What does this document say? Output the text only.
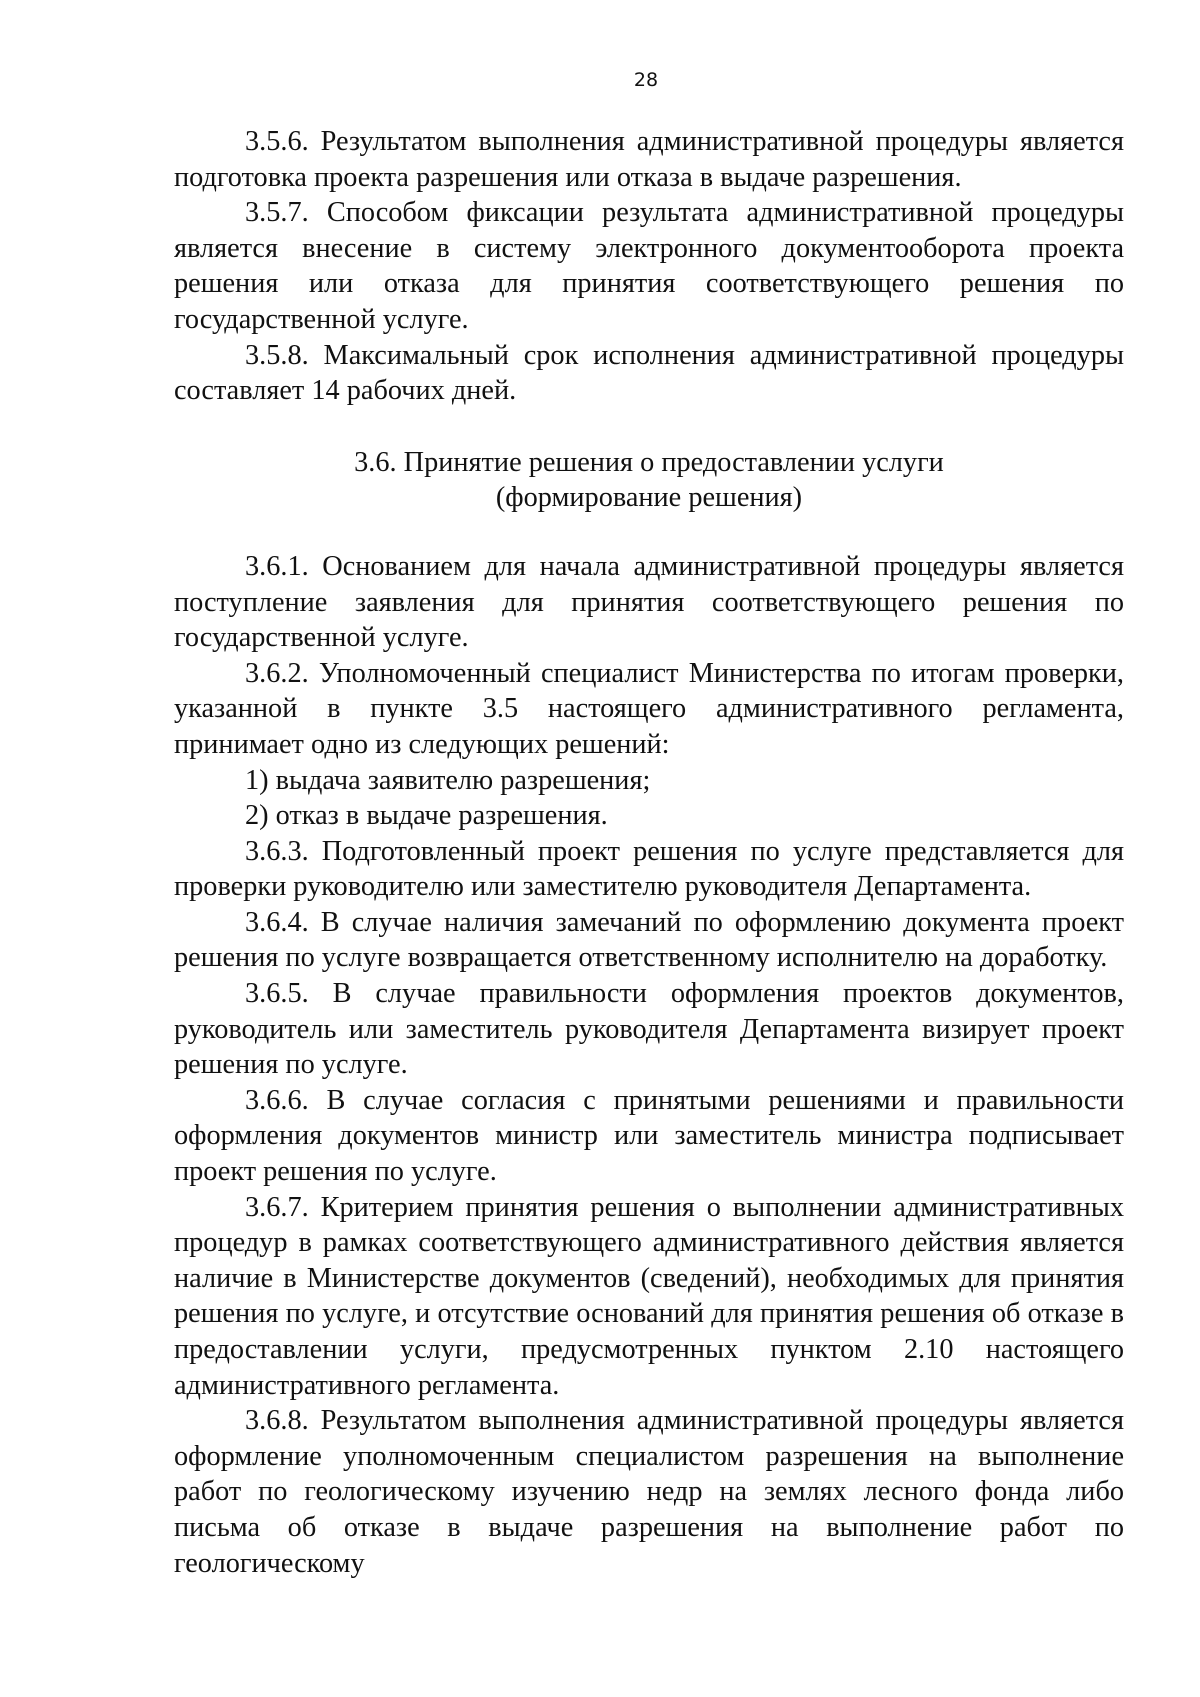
28

3.5.6. Результатом выполнения административной процедуры является подготовка проекта разрешения или отказа в выдаче разрешения.

3.5.7. Способом фиксации результата административной процедуры является внесение в систему электронного документооборота проекта решения или отказа для принятия соответствующего решения по государственной услуге.

3.5.8. Максимальный срок исполнения административной процедуры составляет 14 рабочих дней.

3.6. Принятие решения о предоставлении услуги
(формирование решения)

3.6.1. Основанием для начала административной процедуры является поступление заявления для принятия соответствующего решения по государственной услуге.

3.6.2. Уполномоченный специалист Министерства по итогам проверки, указанной в пункте 3.5 настоящего административного регламента, принимает одно из следующих решений:

1) выдача заявителю разрешения;

2) отказ в выдаче разрешения.

3.6.3. Подготовленный проект решения по услуге представляется для проверки руководителю или заместителю руководителя Департамента.

3.6.4. В случае наличия замечаний по оформлению документа проект решения по услуге возвращается ответственному исполнителю на доработку.

3.6.5. В случае правильности оформления проектов документов, руководитель или заместитель руководителя Департамента визирует проект решения по услуге.

3.6.6. В случае согласия с принятыми решениями и правильности оформления документов министр или заместитель министра подписывает проект решения по услуге.

3.6.7. Критерием принятия решения о выполнении административных процедур в рамках соответствующего административного действия является наличие в Министерстве документов (сведений), необходимых для принятия решения по услуге, и отсутствие оснований для принятия решения об отказе в предоставлении услуги, предусмотренных пунктом 2.10 настоящего административного регламента.

3.6.8. Результатом выполнения административной процедуры является оформление уполномоченным специалистом разрешения на выполнение работ по геологическому изучению недр на землях лесного фонда либо письма об отказе в выдаче разрешения на выполнение работ по геологическому
